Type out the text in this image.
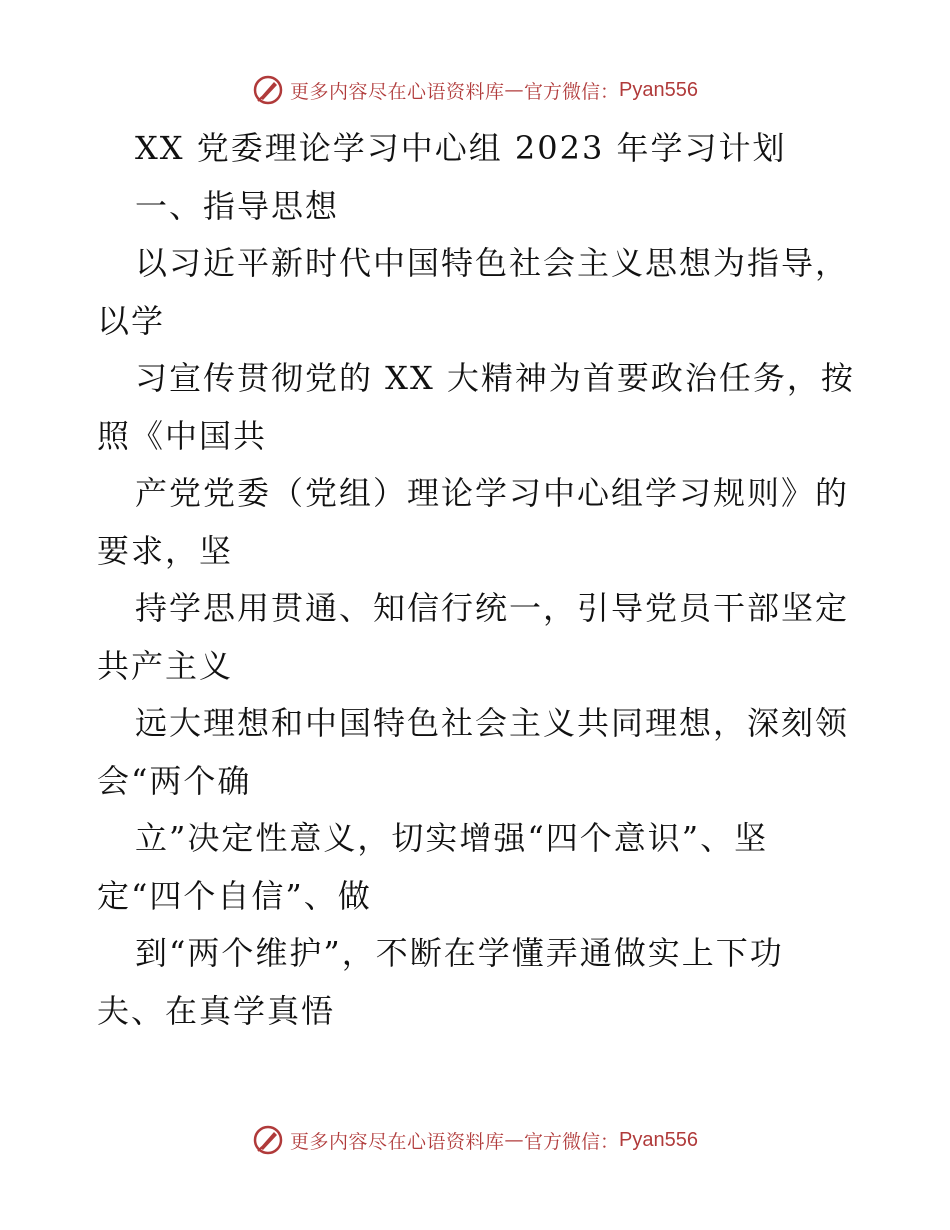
更多内容尽在心语资料库 — 官方微信： Pyan556
XX 党委理论学习中心组 2023 年学习计划
一、指导思想
以习近平新时代中国特色社会主义思想为指导，
以学
习宣传贯彻党的 XX 大精神为首要政治任务，按
照《中国共
产党党委（党组）理论学习中心组学习规则》的
要求，坚
持学思用贯通、知信行统一，引导党员干部坚定
共产主义
远大理想和中国特色社会主义共同理想，深刻领
会“两个确
立”决定性意义，切实增强“四个意识”、坚
定“四个自信”、做
到“两个维护”，不断在学懂弄通做实上下功
夫、在真学真悟
更多内容尽在心语资料库 — 官方微信： Pyan556
